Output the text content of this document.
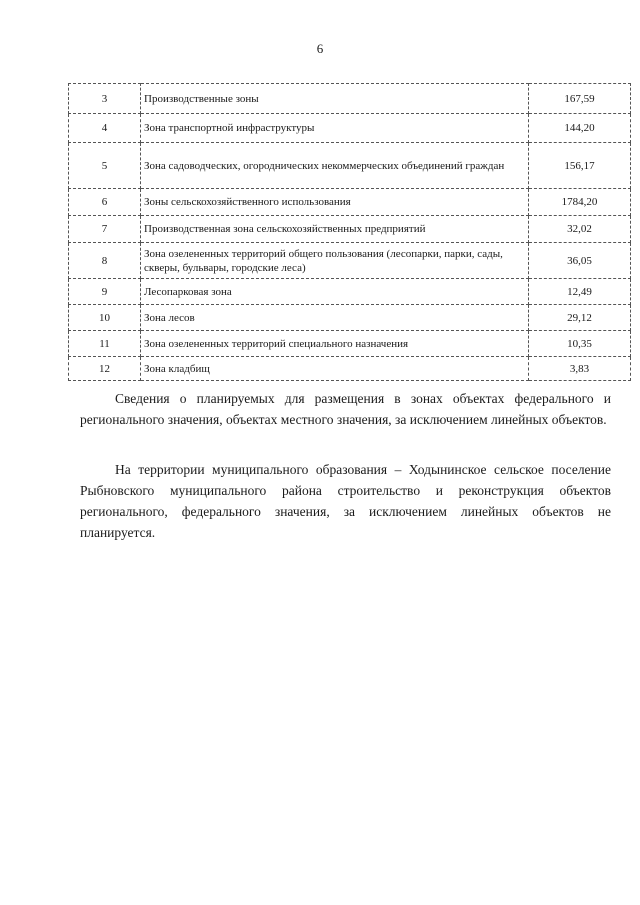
6
3	Производственные зоны	167,59
4	Зона транспортной инфраструктуры	144,20
5	Зона садоводческих, огороднических некоммерческих объединений граждан	156,17
6	Зоны сельскохозяйственного использования	1784,20
7	Производственная зона сельскохозяйственных предприятий	32,02
8	Зона озелененных территорий общего пользования (лесопарки, парки, сады, скверы, бульвары, городские леса)	36,05
9	Лесопарковая зона	12,49
10	Зона лесов	29,12
11	Зона озелененных территорий специального назначения	10,35
12	Зона кладбищ	3,83

Сведения о планируемых для размещения в зонах объектах федерального и регионального значения, объектах местного значения, за исключением линейных объектов.

На территории муниципального образования – Ходынинское сельское поселение Рыбновского муниципального района строительство и реконструкция объектов регионального, федерального значения, за исключением линейных объектов не планируется.
